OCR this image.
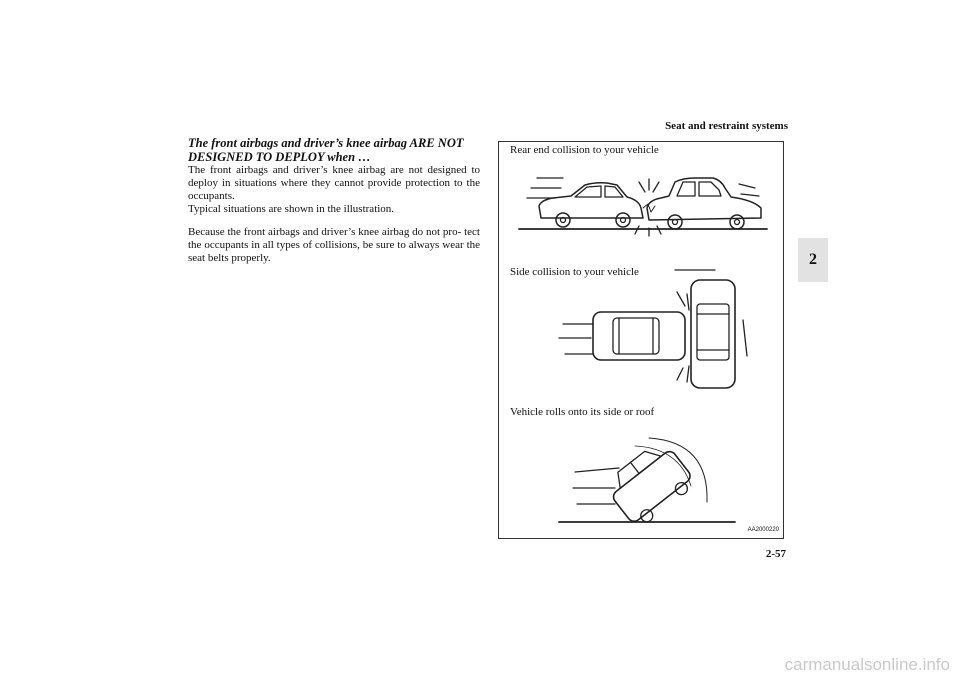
Seat and restraint systems
2

The front airbags and driver’s knee airbag ARE NOT
DESIGNED TO DEPLOY when …

The front airbags and driver’s knee airbag are not designed to deploy in situations where they cannot provide protection to the occupants.

Typical situations are shown in the illustration.

Because the front airbags and driver’s knee airbag do not pro- tect the occupants in all types of collisions, be sure to always wear the seat belts properly.

Rear end collision to your vehicle
Side collision to your vehicle
Vehicle rolls onto its side or roof
AA2000220
2-57
carmanualsonline.info
